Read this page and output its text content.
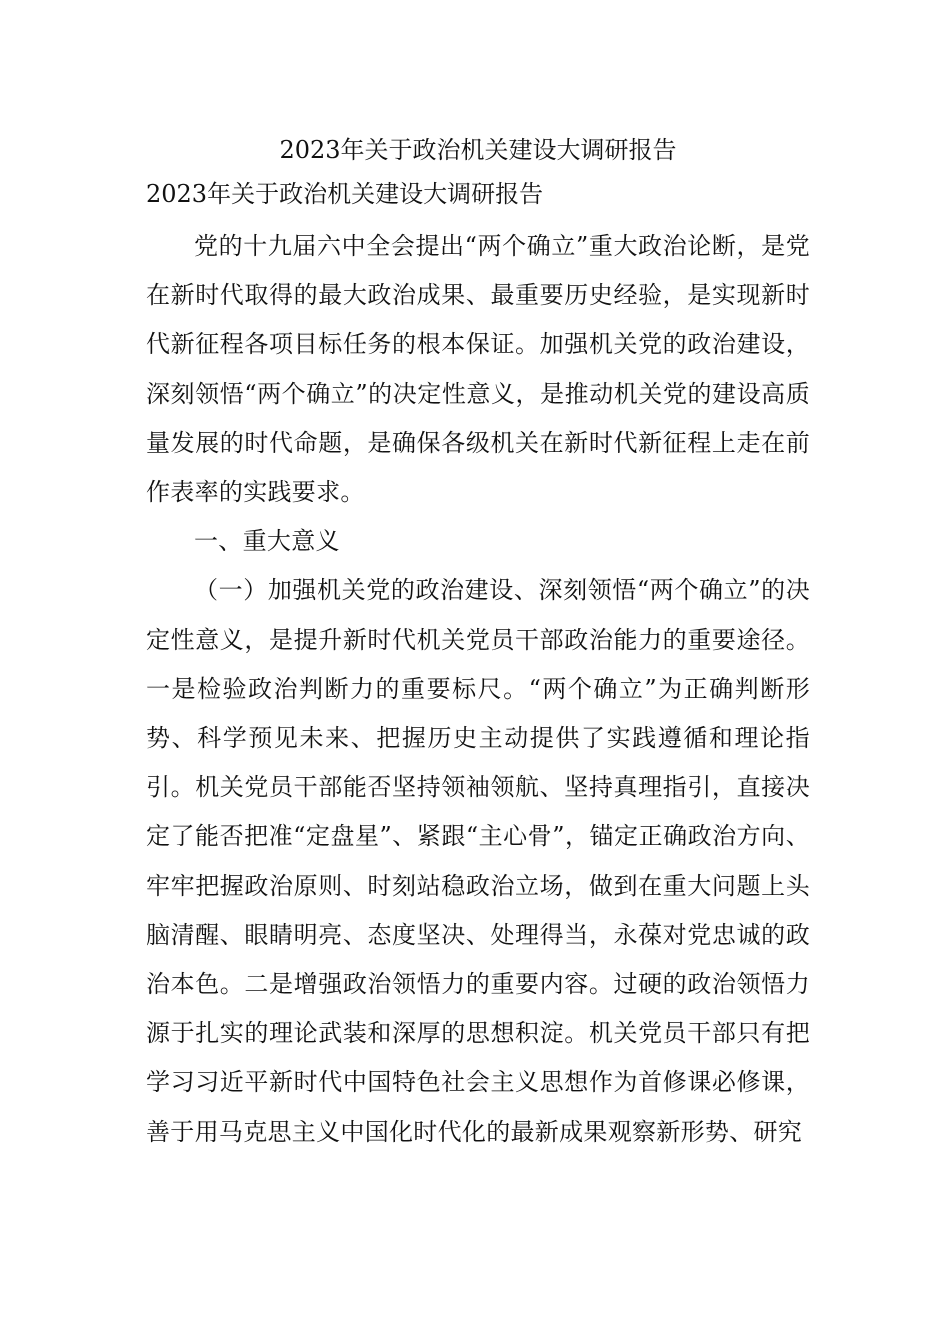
2023年关于政治机关建设大调研报告
2023年关于政治机关建设大调研报告

党的十九届六中全会提出“两个确立”重大政治论断，是党在新时代取得的最大政治成果、最重要历史经验，是实现新时代新征程各项目标任务的根本保证。加强机关党的政治建设，深刻领悟“两个确立”的决定性意义，是推动机关党的建设高质量发展的时代命题，是确保各级机关在新时代新征程上走在前作表率的实践要求。

一、重大意义

（一）加强机关党的政治建设、深刻领悟“两个确立”的决定性意义，是提升新时代机关党员干部政治能力的重要途径。一是检验政治判断力的重要标尺。“两个确立”为正确判断形势、科学预见未来、把握历史主动提供了实践遵循和理论指引。机关党员干部能否坚持领袖领航、坚持真理指引，直接决定了能否把准“定盘星”、紧跟“主心骨”，锚定正确政治方向、牢牢把握政治原则、时刻站稳政治立场，做到在重大问题上头脑清醒、眼睛明亮、态度坚决、处理得当，永葆对党忠诚的政治本色。二是增强政治领悟力的重要内容。过硬的政治领悟力源于扎实的理论武装和深厚的思想积淀。机关党员干部只有把学习习近平新时代中国特色社会主义思想作为首修课必修课，善于用马克思主义中国化时代化的最新成果观察新形势、研究
